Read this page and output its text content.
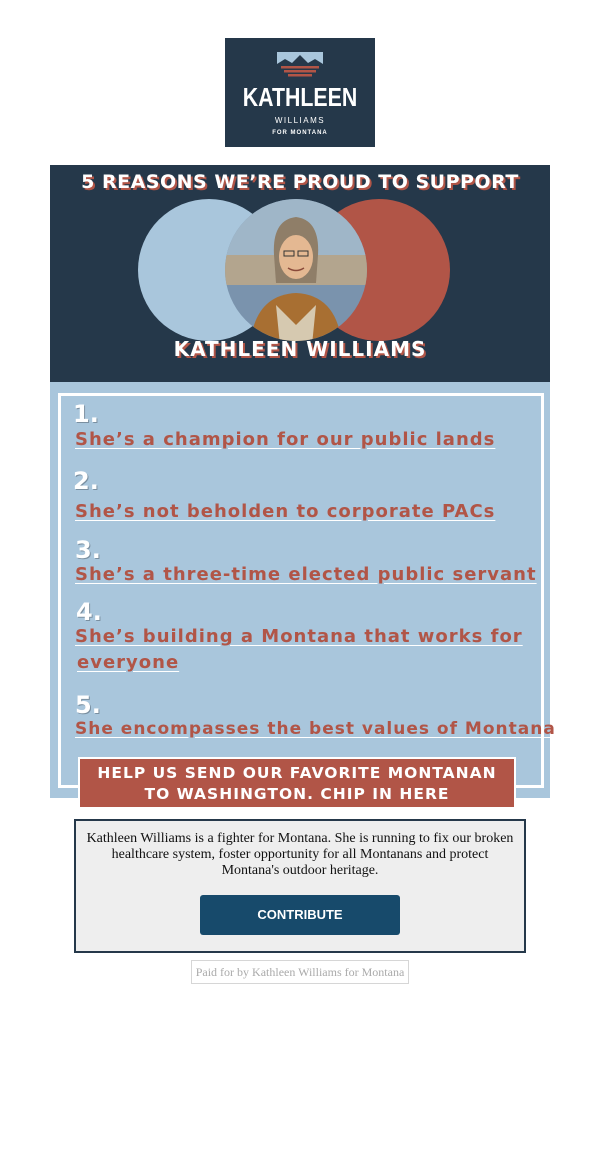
KATHLEEN
WILLIAMS
FOR MONTANA
5 REASONS WE’RE PROUD TO SUPPORT
KATHLEEN WILLIAMS
1.
She’s a champion for our public lands
2.
She’s not beholden to corporate PACs
3.
She’s a three-time elected public servant
4.
She’s building a Montana that works for
everyone
5.
She encompasses the best values of Montana
HELP US SEND OUR FAVORITE MONTANAN
TO WASHINGTON. CHIP IN HERE
Kathleen Williams is a fighter for Montana. She is running to fix our broken healthcare system, foster opportunity for all Montanans and protect Montana's outdoor heritage.
CONTRIBUTE
Paid for by Kathleen Williams for Montana
